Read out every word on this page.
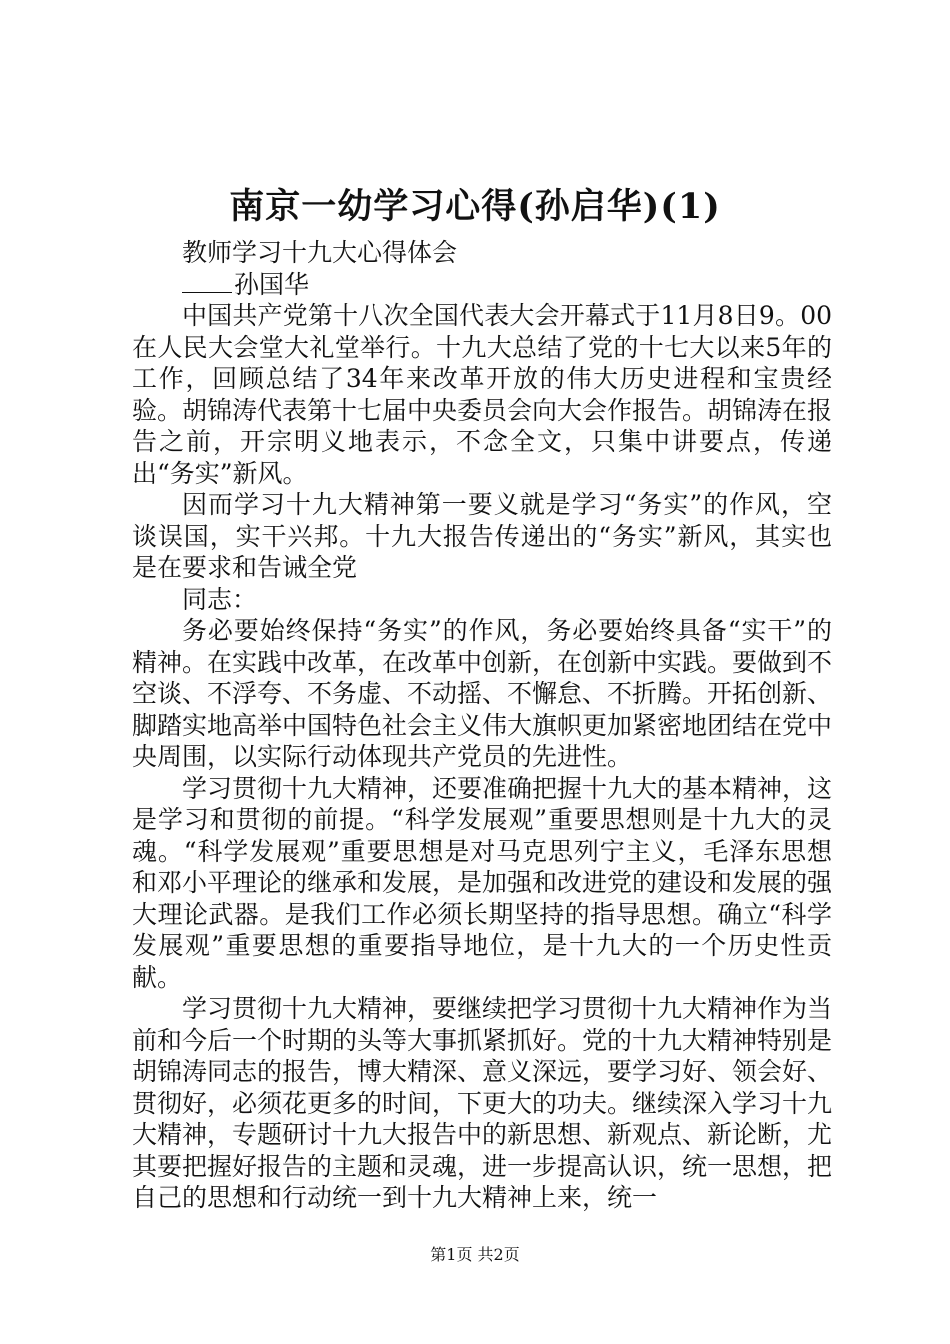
南京一幼学习心得(孙启华)(1)

教师学习十九大心得体会

孙国华

中国共产党第十八次全国代表大会开幕式于11月8日9。00在人民大会堂大礼堂举行。十九大总结了党的十七大以来5年的工作，回顾总结了34年来改革开放的伟大历史进程和宝贵经验。胡锦涛代表第十七届中央委员会向大会作报告。胡锦涛在报告之前，开宗明义地表示，不念全文，只集中讲要点，传递出“务实”新风。

因而学习十九大精神第一要义就是学习“务实”的作风，空谈误国，实干兴邦。十九大报告传递出的“务实”新风，其实也是在要求和告诫全党

同志：

务必要始终保持“务实”的作风，务必要始终具备“实干”的精神。在实践中改革，在改革中创新，在创新中实践。要做到不空谈、不浮夸、不务虚、不动摇、不懈怠、不折腾。开拓创新、脚踏实地高举中国特色社会主义伟大旗帜更加紧密地团结在党中央周围，以实际行动体现共产党员的先进性。

学习贯彻十九大精神，还要准确把握十九大的基本精神，这是学习和贯彻的前提。“科学发展观”重要思想则是十九大的灵魂。“科学发展观”重要思想是对马克思列宁主义，毛泽东思想和邓小平理论的继承和发展，是加强和改进党的建设和发展的强大理论武器。是我们工作必须长期坚持的指导思想。确立“科学发展观”重要思想的重要指导地位，是十九大的一个历史性贡献。

学习贯彻十九大精神，要继续把学习贯彻十九大精神作为当前和今后一个时期的头等大事抓紧抓好。党的十九大精神特别是胡锦涛同志的报告，博大精深、意义深远，要学习好、领会好、贯彻好，必须花更多的时间，下更大的功夫。继续深入学习十九大精神，专题研讨十九大报告中的新思想、新观点、新论断，尤其要把握好报告的主题和灵魂，进一步提高认识，统一思想，把自己的思想和行动统一到十九大精神上来，统一

第1页 共2页
